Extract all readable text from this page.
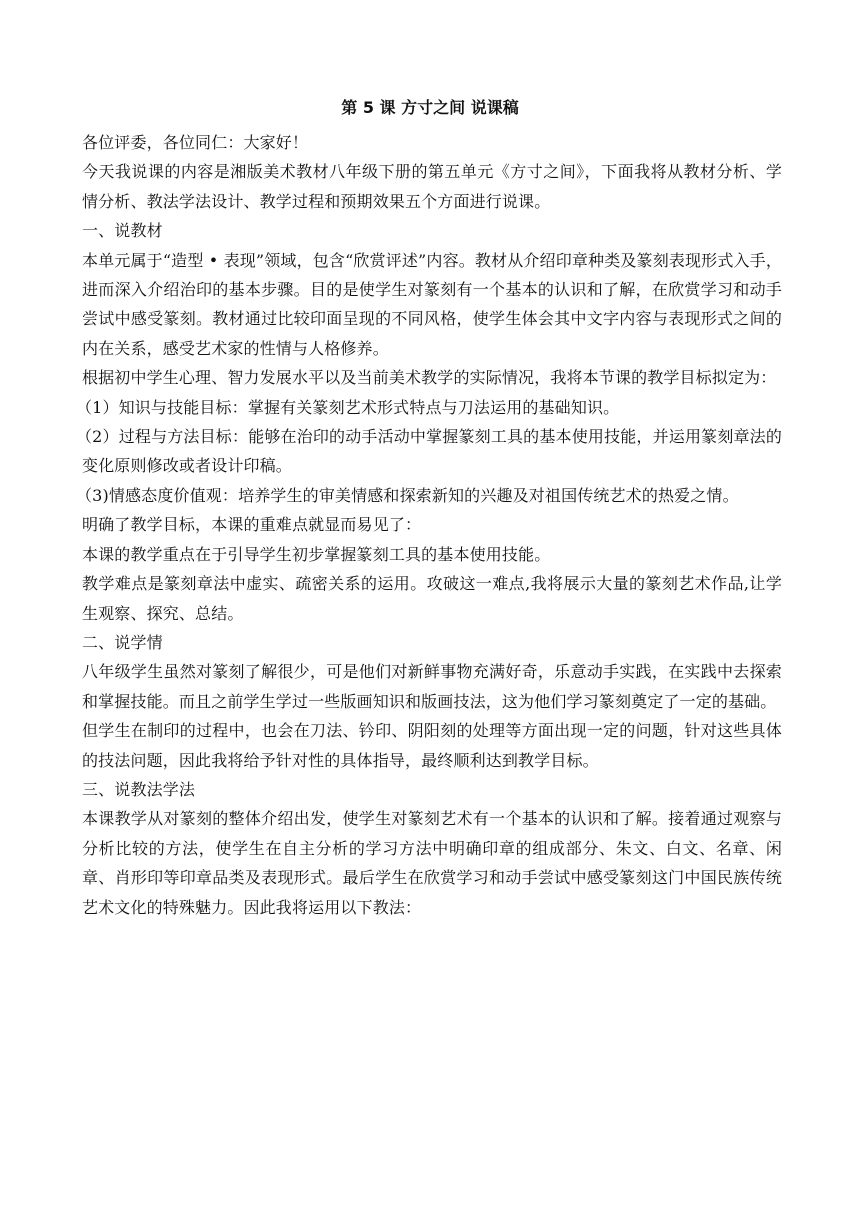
第 5 课 方寸之间 说课稿

各位评委，各位同仁：大家好！

今天我说课的内容是湘版美术教材八年级下册的第五单元《方寸之间》，下面我将从教材分析、学情分析、教法学法设计、教学过程和预期效果五个方面进行说课。

一、说教材

本单元属于“造型 • 表现”领域，包含“欣赏评述”内容。教材从介绍印章种类及篆刻表现形式入手，进而深入介绍治印的基本步骤。目的是使学生对篆刻有一个基本的认识和了解，在欣赏学习和动手尝试中感受篆刻。教材通过比较印面呈现的不同风格，使学生体会其中文字内容与表现形式之间的内在关系，感受艺术家的性情与人格修养。

根据初中学生心理、智力发展水平以及当前美术教学的实际情况，我将本节课的教学目标拟定为：

（1）知识与技能目标：掌握有关篆刻艺术形式特点与刀法运用的基础知识。

（2）过程与方法目标：能够在治印的动手活动中掌握篆刻工具的基本使用技能，并运用篆刻章法的变化原则修改或者设计印稿。

（3)情感态度价值观：培养学生的审美情感和探索新知的兴趣及对祖国传统艺术的热爱之情。

明确了教学目标，本课的重难点就显而易见了：

本课的教学重点在于引导学生初步掌握篆刻工具的基本使用技能。

教学难点是篆刻章法中虚实、疏密关系的运用。攻破这一难点,我将展示大量的篆刻艺术作品,让学生观察、探究、总结。

二、说学情

八年级学生虽然对篆刻了解很少，可是他们对新鲜事物充满好奇，乐意动手实践，在实践中去探索和掌握技能。而且之前学生学过一些版画知识和版画技法，这为他们学习篆刻奠定了一定的基础。

但学生在制印的过程中，也会在刀法、钤印、阴阳刻的处理等方面出现一定的问题，针对这些具体的技法问题，因此我将给予针对性的具体指导，最终顺利达到教学目标。

三、说教法学法

本课教学从对篆刻的整体介绍出发，使学生对篆刻艺术有一个基本的认识和了解。接着通过观察与分析比较的方法，使学生在自主分析的学习方法中明确印章的组成部分、朱文、白文、名章、闲章、肖形印等印章品类及表现形式。最后学生在欣赏学习和动手尝试中感受篆刻这门中国民族传统艺术文化的特殊魅力。因此我将运用以下教法：
